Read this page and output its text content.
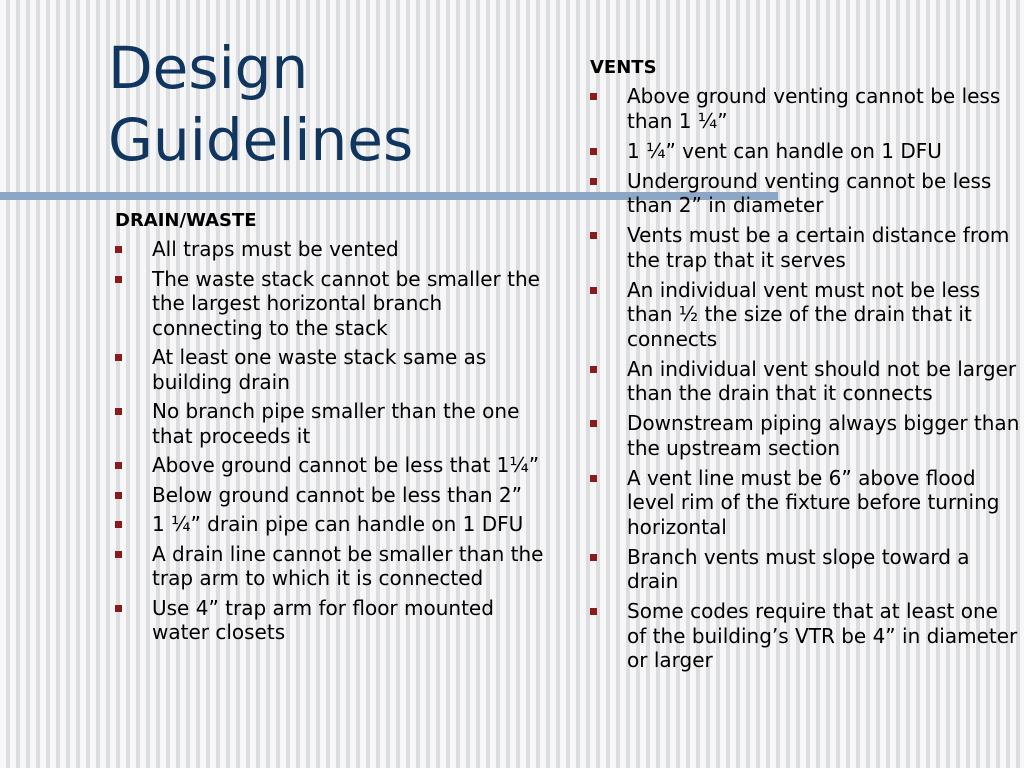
Design
Guidelines
DRAIN/WASTE
All traps must be vented
The waste stack cannot be smaller the the largest horizontal branch connecting to the stack
At least one waste stack same as building drain
No branch pipe smaller than the one that proceeds it
Above ground cannot be less that 1¼”
Below ground cannot be less than 2”
1 ¼” drain pipe can handle on 1 DFU
A drain line cannot be smaller than the trap arm to which it is connected
Use 4” trap arm for floor mounted water closets
VENTS
Above ground venting cannot be less than 1 ¼”
1 ¼” vent can handle on 1 DFU
Underground venting cannot be less than 2” in diameter
Vents must be a certain distance from the trap that it serves
An individual vent must not be less than ½ the size of the drain that it connects
An individual vent should not be larger than the drain that it connects
Downstream piping always bigger than the upstream section
A vent line must be 6” above flood level rim of the fixture before turning horizontal
Branch vents must slope toward a drain
Some codes require that at least one of the building’s VTR be 4” in diameter or larger
